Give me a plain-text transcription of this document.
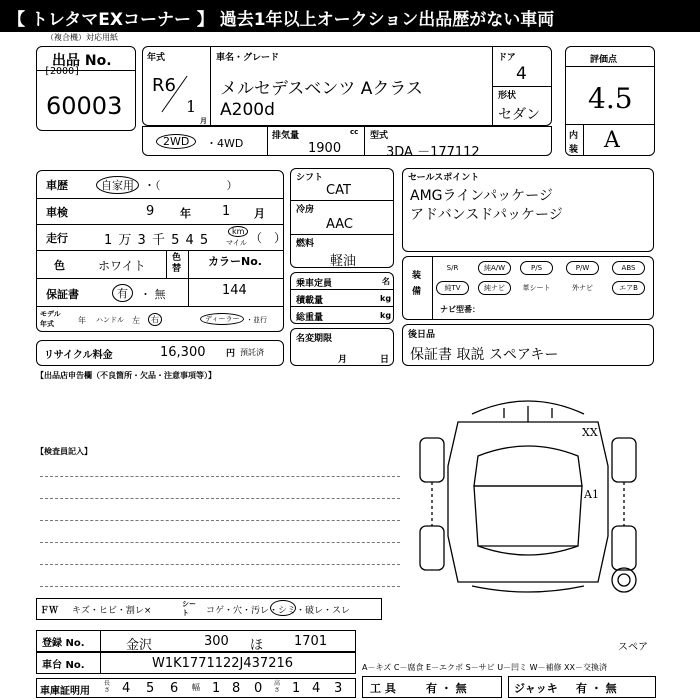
【 トレタマEXコーナー 】 過去1年以上オークション出品歴がない車両
（複合機）対応用紙
出品 No.
[2000]
60003
年式
R6
1
月
車名・グレード
メルセデスベンツ Aクラス
A200d
ドア
4
形状
セダン
評価点
4.5
内
装 A
2WD	・4WD
排気量	cc
1900
型式
3DA －177112
車歴	自家用 ・（　　　　　　）
車検	9 年 1 月
走行	1 万 3 千 5 4 5
km
マイル （　）
色	ホワイト
色替
カラーNo.
144
保証書	有	・ 無
モデル
年式	年 ハンドル 左	右	ディーラー ・並行
リサイクル料金	16,300 円 預託済
シフト
CAT
冷房
AAC
燃料
軽油
乗車定員	名
積載量	kg
総重量	kg
名変期限
月	日
セールスポイント
AMGラインパッケージ
アドバンスドパッケージ
装
備
S/R	純A/W	P/S	P/W	ABS
純TV	純ナビ	革シート	外ナビ	エアB
ナビ型番：
後日品
保証書 取説 スペアキー
【出品店申告欄（不良箇所・欠品・注意事項等）】
【検査員記入】
XX
A1
スペア
ＦＷ キズ・ヒビ・割レ×
シート	コゲ・穴・汚レ・シミ・破レ・スレ
登録 No.	金沢	300 ほ 1701
車台 No.	W1K1771122J437216	A－キズ C－腐食 E－エクボ S－サビ U－凹ミ W－補修 XX－交換済
車庫証明用
長さ 4 5 6 幅 1 8 0 高さ 1 4 3	工 具	有 ・ 無	ジャッキ 有 ・ 無
